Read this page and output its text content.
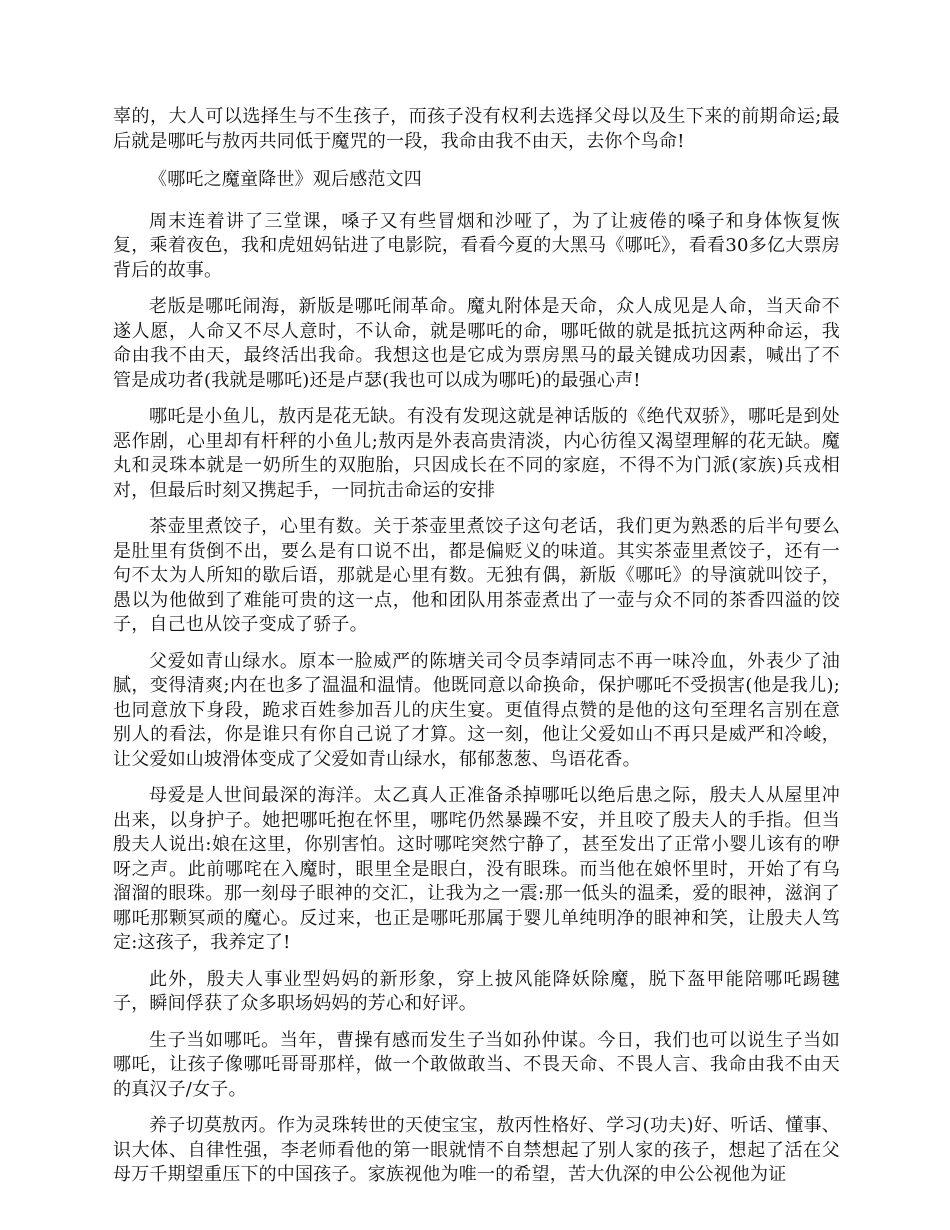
辜的，大人可以选择生与不生孩子，而孩子没有权利去选择父母以及生下来的前期命运;最后就是哪吒与敖丙共同低于魔咒的一段，我命由我不由天，去你个鸟命!

《哪吒之魔童降世》观后感范文四

周末连着讲了三堂课，嗓子又有些冒烟和沙哑了，为了让疲倦的嗓子和身体恢复恢复，乘着夜色，我和虎妞妈钻进了电影院，看看今夏的大黑马《哪吒》，看看30多亿大票房背后的故事。

老版是哪吒闹海，新版是哪吒闹革命。魔丸附体是天命，众人成见是人命，当天命不遂人愿，人命又不尽人意时，不认命，就是哪吒的命，哪吒做的就是抵抗这两种命运，我命由我不由天，最终活出我命。我想这也是它成为票房黑马的最关键成功因素，喊出了不管是成功者(我就是哪吒)还是卢瑟(我也可以成为哪吒)的最强心声!

哪吒是小鱼儿，敖丙是花无缺。有没有发现这就是神话版的《绝代双骄》，哪吒是到处恶作剧，心里却有杆秤的小鱼儿;敖丙是外表高贵清淡，内心彷徨又渴望理解的花无缺。魔丸和灵珠本就是一奶所生的双胞胎，只因成长在不同的家庭，不得不为门派(家族)兵戎相对，但最后时刻又携起手，一同抗击命运的安排

茶壶里煮饺子，心里有数。关于茶壶里煮饺子这句老话，我们更为熟悉的后半句要么是肚里有货倒不出，要么是有口说不出，都是偏贬义的味道。其实茶壶里煮饺子，还有一句不太为人所知的歇后语，那就是心里有数。无独有偶，新版《哪吒》的导演就叫饺子，愚以为他做到了难能可贵的这一点，他和团队用茶壶煮出了一壶与众不同的茶香四溢的饺子，自己也从饺子变成了骄子。

父爱如青山绿水。原本一脸威严的陈塘关司令员李靖同志不再一味冷血，外表少了油腻，变得清爽;内在也多了温温和温情。他既同意以命换命，保护哪吒不受损害(他是我儿);也同意放下身段，跪求百姓参加吾儿的庆生宴。更值得点赞的是他的这句至理名言别在意别人的看法，你是谁只有你自己说了才算。这一刻，他让父爱如山不再只是威严和冷峻，让父爱如山坡滑体变成了父爱如青山绿水，郁郁葱葱、鸟语花香。

母爱是人世间最深的海洋。太乙真人正准备杀掉哪吒以绝后患之际，殷夫人从屋里冲出来，以身护子。她把哪吒抱在怀里，哪咤仍然暴躁不安，并且咬了殷夫人的手指。但当殷夫人说出:娘在这里，你别害怕。这时哪咤突然宁静了，甚至发出了正常小婴儿该有的咿呀之声。此前哪咤在入魔时，眼里全是眼白，没有眼珠。而当他在娘怀里时，开始了有乌溜溜的眼珠。那一刻母子眼神的交汇，让我为之一震:那一低头的温柔，爱的眼神，滋润了哪吒那颗冥顽的魔心。反过来，也正是哪吒那属于婴儿单纯明净的眼神和笑，让殷夫人笃定:这孩子，我养定了!

此外，殷夫人事业型妈妈的新形象，穿上披风能降妖除魔，脱下盔甲能陪哪吒踢毽子，瞬间俘获了众多职场妈妈的芳心和好评。

生子当如哪吒。当年，曹操有感而发生子当如孙仲谋。今日，我们也可以说生子当如哪吒，让孩子像哪吒哥哥那样，做一个敢做敢当、不畏天命、不畏人言、我命由我不由天的真汉子/女子。

养子切莫敖丙。作为灵珠转世的天使宝宝，敖丙性格好、学习(功夫)好、听话、懂事、识大体、自律性强，李老师看他的第一眼就情不自禁想起了别人家的孩子，想起了活在父母万千期望重压下的中国孩子。家族视他为唯一的希望，苦大仇深的申公公视他为证
